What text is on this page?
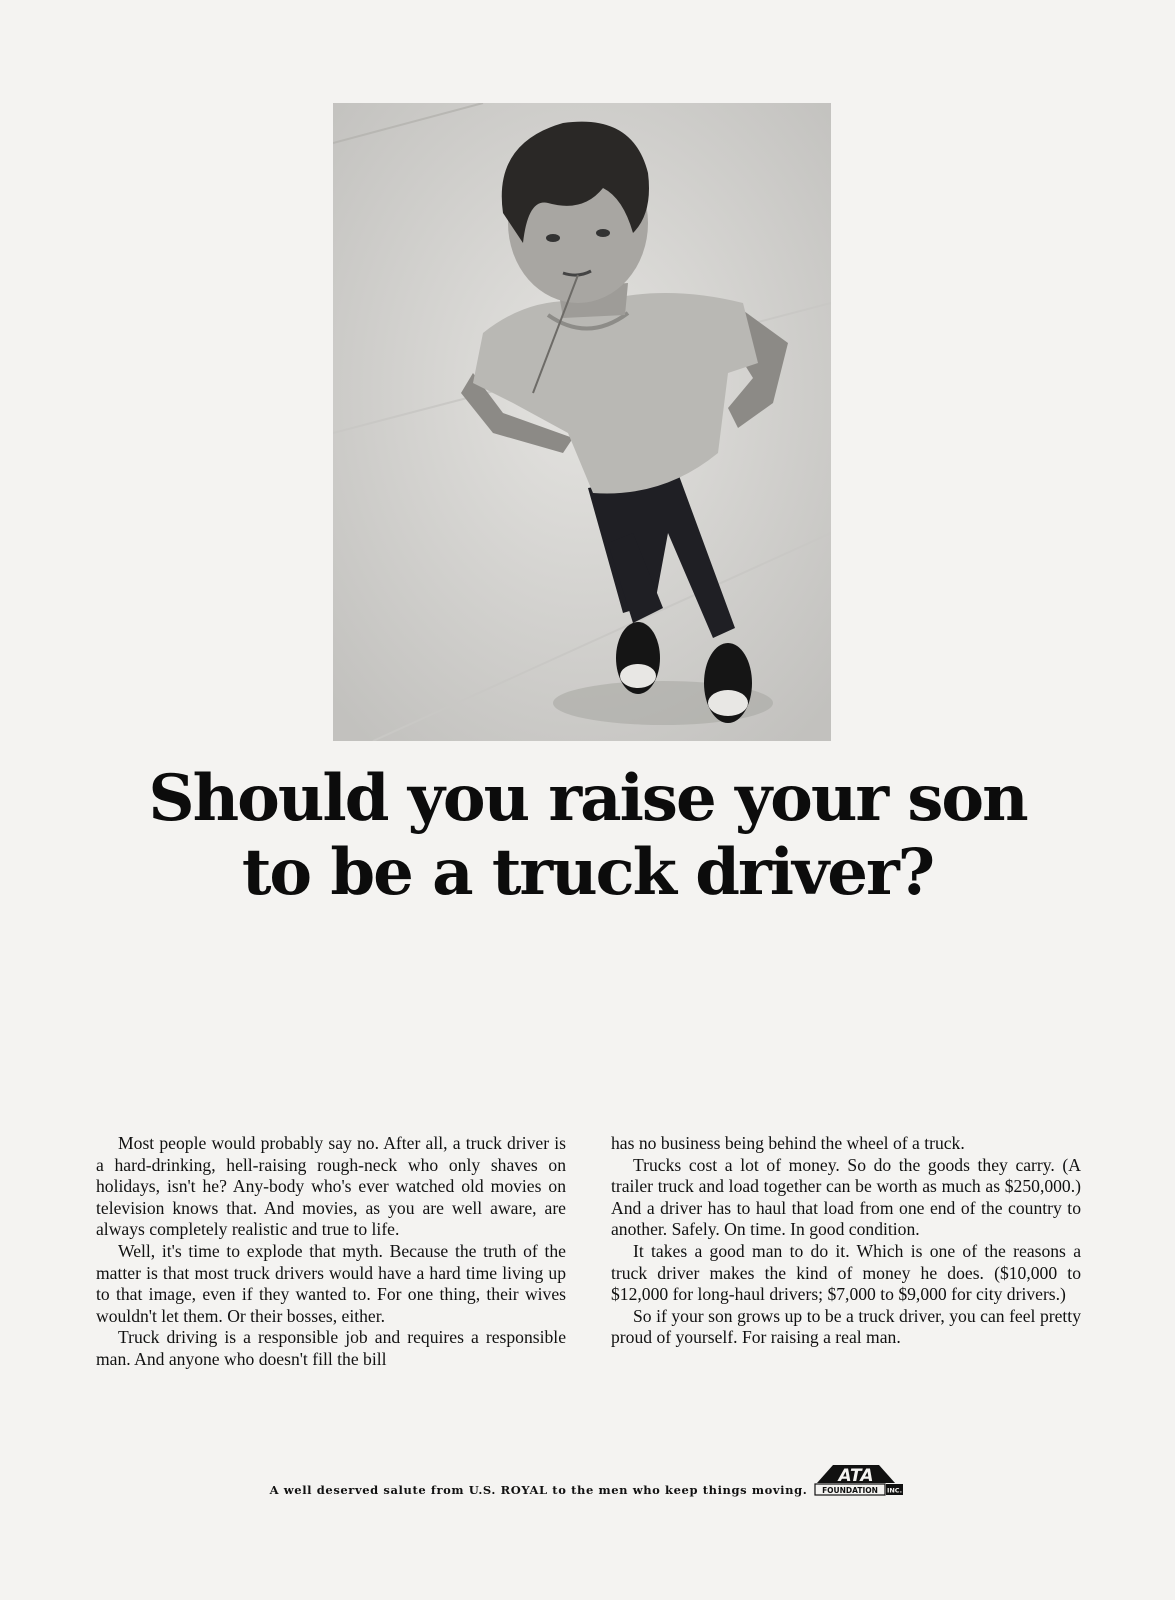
Should you raise your son
to be a truck driver?

Most people would probably say no. After all, a truck driver is a hard-drinking, hell-raising rough-neck who only shaves on holidays, isn't he? Any-body who's ever watched old movies on television knows that. And movies, as you are well aware, are always completely realistic and true to life.

Well, it's time to explode that myth. Because the truth of the matter is that most truck drivers would have a hard time living up to that image, even if they wanted to. For one thing, their wives wouldn't let them. Or their bosses, either.

Truck driving is a responsible job and requires a responsible man. And anyone who doesn't fill the bill

has no business being behind the wheel of a truck.

Trucks cost a lot of money. So do the goods they carry. (A trailer truck and load together can be worth as much as $250,000.) And a driver has to haul that load from one end of the country to another. Safely. On time. In good condition.

It takes a good man to do it. Which is one of the reasons a truck driver makes the kind of money he does. ($10,000 to $12,000 for long-haul drivers; $7,000 to $9,000 for city drivers.)

So if your son grows up to be a truck driver, you can feel pretty proud of yourself. For raising a real man.

A well deserved salute from U.S. ROYAL to the men who keep things moving.
ATA
FOUNDATION INC.
